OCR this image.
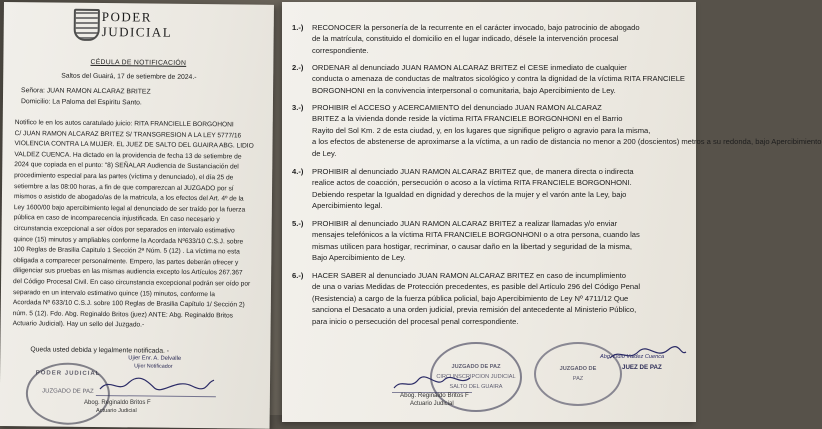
PODER
JUDICIAL
CÉDULA DE NOTIFICACIÓN
Saltos del Guairá, 17 de setiembre de 2024.-
Señora: JUAN RAMON ALCARAZ BRITEZ
Domicilio: La Paloma del Espiritu Santo.
Notifico le en los autos caratulado juicio: RITA FRANCIELLE BORGOHONI
C/ JUAN RAMON ALCARAZ BRITEZ S/ TRANSGRESION A LA LEY 5777/16
VIOLENCIA CONTRA LA MUJER. EL JUEZ DE SALTO DEL GUAIRA ABG. LIDIO
VALDEZ CUENCA. Ha dictado en la providencia de fecha 13 de setiembre de
2024 que copiada en el punto: "8) SEÑALAR Audiencia de Sustanciación del
procedimiento especial para las partes (víctima y denunciado), el día 25 de
setiembre a las 08:00 horas, a fin de que comparezcan al JUZGADO por sí
mismos o asistido de abogado/as de la matricula, a los efectos del Art. 4º de la
Ley 1600/00 bajo apercibimiento legal al denunciado de ser traído por la fuerza
pública en caso de incomparecencia injustificada. En caso necesario y
circunstancia excepcional a ser oídos por separados en intervalo estimativo
quince (15) minutos y ampliables conforme la Acordada Nº633/10 C.S.J. sobre
100 Reglas de Brasilia Capitulo 1 Sección 2ª Núm. 5 (12) . La víctima no esta
obligada a comparecer personalmente. Empero, las partes deberán ofrecer y
diligenciar sus pruebas en las mismas audiencia excepto los Artículos 267.367
del Código Procesal Civil. En caso circunstancia excepcional podrán ser oído por
separado en un intervalo estimativo quince (15) minutos, conforme la
Acordada Nº 633/10 C.S.J. sobre 100 Reglas de Brasilia Capítulo 1/ Sección 2)
núm. 5 (12). Fdo. Abg. Reginaldo Britos (juez) ANTE: Abg. Reginaldo Britos
Actuario Judicial). Hay un sello del Juzgado.-
Queda usted debida y legalmente notificada. -
PODER JUDICIAL
JUZGADO DE PAZ
Ujier Enr. A. Delvalle
Ujier Notificador
1.-) RECONOCER la personería de la recurrente en el carácter invocado, bajo patrocinio de abogado
de la matrícula, constituido el domicilio en el lugar indicado, désele la intervención procesal
correspondiente.
2.-) ORDENAR al denunciado JUAN RAMON ALCARAZ BRITEZ el CESE inmediato de cualquier
conducta o amenaza de conductas de maltratos sicológico y contra la dignidad de la víctima RITA FRANCIELE
BORGONHONI en la convivencia interpersonal o comunitaria, bajo Apercibimiento de Ley.
3.-) PROHIBIR el ACCESO y ACERCAMIENTO del denunciado JUAN RAMON ALCARAZ
BRITEZ a la vivienda donde reside la víctima RITA FRANCIELE BORGONHONI en el Barrio
Rayito del Sol Km. 2 de esta ciudad, y, en los lugares que signifique peligro o agravio para la misma,
a los efectos de abstenerse de aproximarse a la víctima, a un radio de distancia no menor a 200 (doscientos) metros a su redonda, bajo Apercibimiento
de Ley.
4.-) PROHIBIR al denunciado JUAN RAMON ALCARAZ BRITEZ que, de manera directa o indirecta
realice actos de coacción, persecución o acoso a la víctima RITA FRANCIELE BORGONHONI.
Debiendo respetar la Igualdad en dignidad y derechos de la mujer y el varón ante la Ley, bajo
Apercibimiento legal.
5.-) PROHIBIR al denunciado JUAN RAMON ALCARAZ BRITEZ a realizar llamadas y/o enviar
mensajes telefónicos a la víctima RITA FRANCIELE BORGONHONI o a otra persona, cuando las
mismas utilicen para hostigar, recriminar, o causar daño en la libertad y seguridad de la misma,
Bajo Apercibimiento de Ley.
6.-) HACER SABER al denunciado JUAN RAMON ALCARAZ BRITEZ en caso de incumplimiento
de una o varias Medidas de Protección precedentes, es pasible del Artículo 296 del Código Penal
(Resistencia) a cargo de la fuerza pública policial, bajo Apercibimiento de Ley Nº 4711/12 Que
sanciona el Desacato a una orden judicial, previa remisión del antecedente al Ministerio Público,
para inicio o persecución del procesal penal correspondiente.
JUZGADO DE PAZ
CIRCUNSCRIPCION JUDICIAL
SALTO DEL GUAIRA
Abog. Reginaldo Britos F
Actuario Judicial
JUZGADO DE
PAZ
Abg. Lidio Valdez Cuenca
JUEZ DE PAZ
Abog. Reginaldo Britos F
Actuario Judicial
